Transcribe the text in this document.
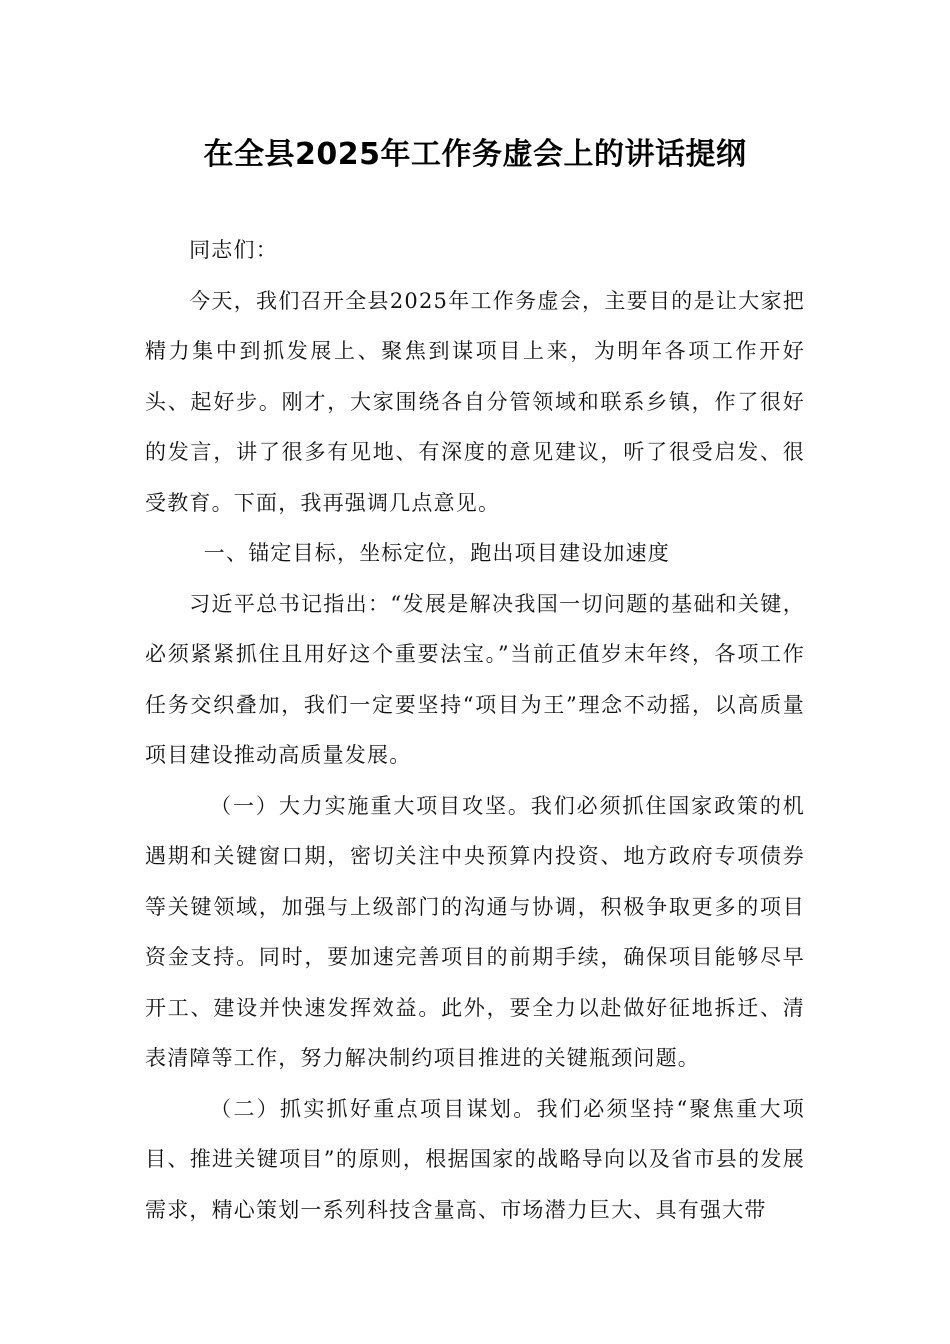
在全县2025年工作务虚会上的讲话提纲

同志们：

今天，我们召开全县2025年工作务虚会，主要目的是让大家把精力集中到抓发展上、聚焦到谋项目上来，为明年各项工作开好头、起好步。刚才，大家围绕各自分管领域和联系乡镇，作了很好的发言，讲了很多有见地、有深度的意见建议，听了很受启发、很受教育。下面，我再强调几点意见。

一、锚定目标，坐标定位，跑出项目建设加速度

习近平总书记指出：“发展是解决我国一切问题的基础和关键，必须紧紧抓住且用好这个重要法宝。”当前正值岁末年终，各项工作任务交织叠加，我们一定要坚持“项目为王”理念不动摇，以高质量项目建设推动高质量发展。

（一）大力实施重大项目攻坚。我们必须抓住国家政策的机遇期和关键窗口期，密切关注中央预算内投资、地方政府专项债券等关键领域，加强与上级部门的沟通与协调，积极争取更多的项目资金支持。同时，要加速完善项目的前期手续，确保项目能够尽早开工、建设并快速发挥效益。此外，要全力以赴做好征地拆迁、清表清障等工作，努力解决制约项目推进的关键瓶颈问题。

（二）抓实抓好重点项目谋划。我们必须坚持“聚焦重大项目、推进关键项目”的原则，根据国家的战略导向以及省市县的发展需求，精心策划一系列科技含量高、市场潜力巨大、具有强大带
